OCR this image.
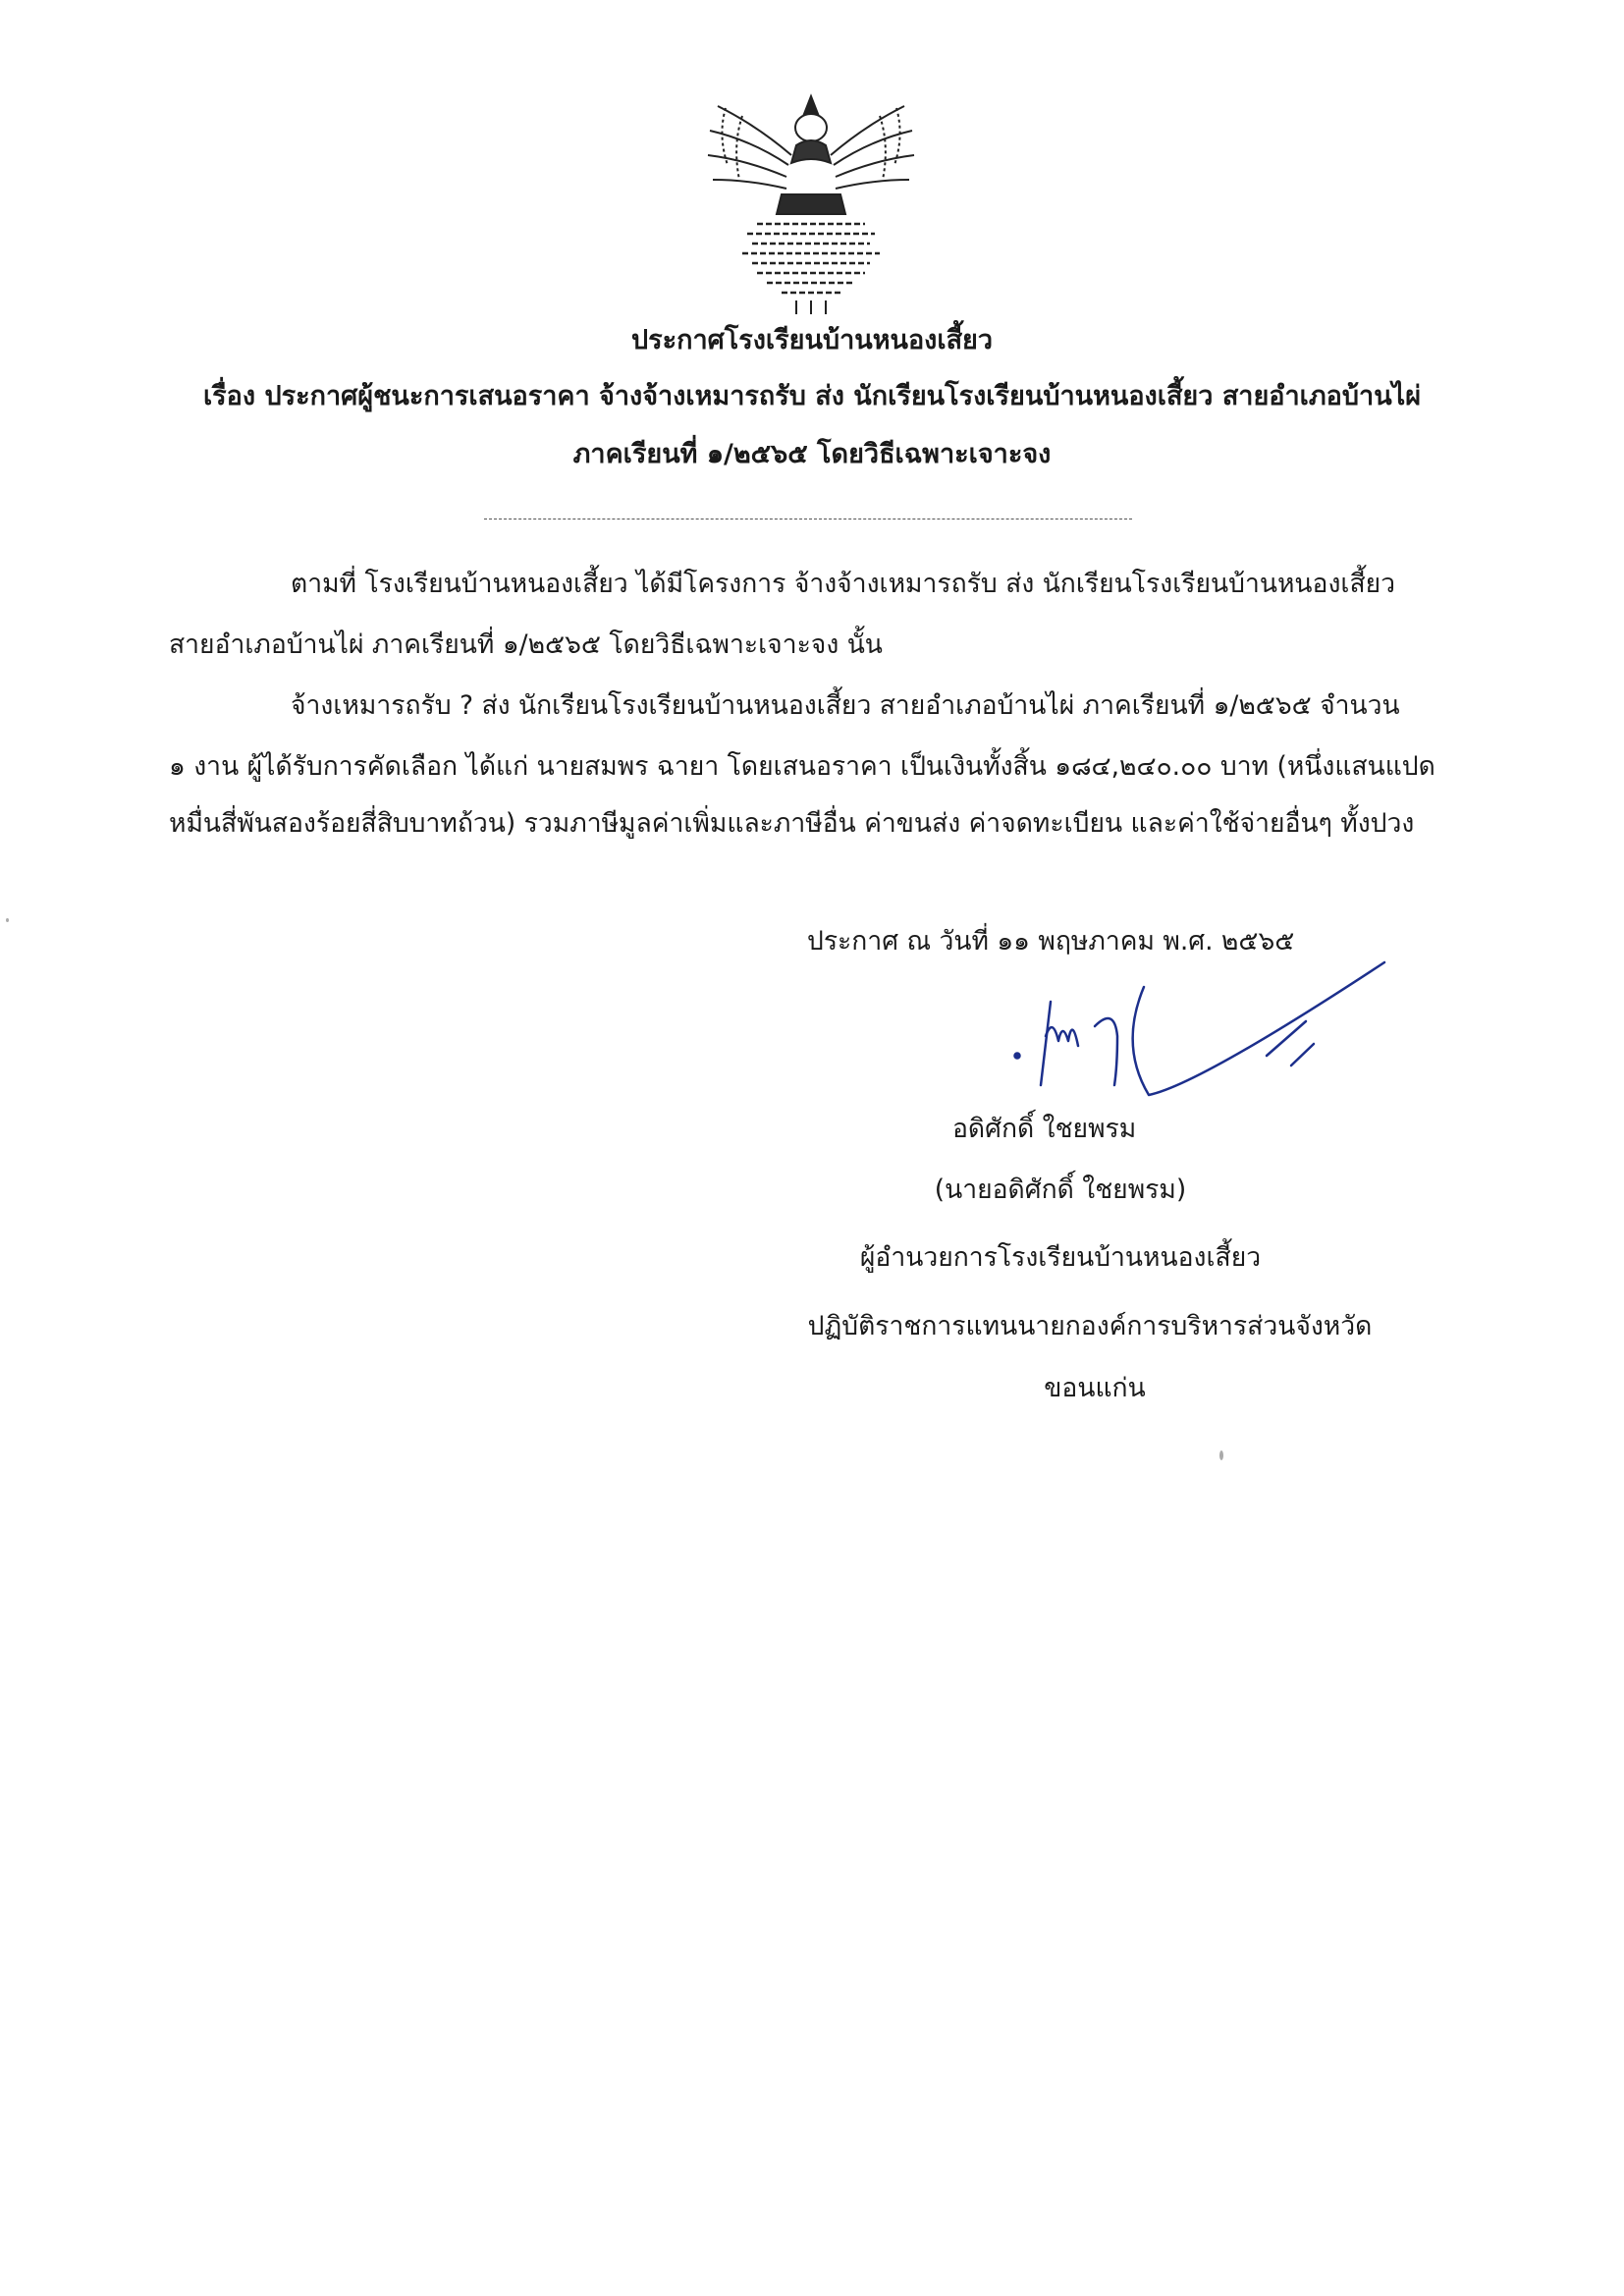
ประกาศโรงเรียนบ้านหนองเสี้ยว
เรื่อง ประกาศผู้ชนะการเสนอราคา จ้างจ้างเหมารถรับ ส่ง นักเรียนโรงเรียนบ้านหนองเสี้ยว สายอำเภอบ้านไผ่
ภาคเรียนที่ ๑/๒๕๖๕ โดยวิธีเฉพาะเจาะจง
ตามที่ โรงเรียนบ้านหนองเสี้ยว ได้มีโครงการ จ้างจ้างเหมารถรับ ส่ง นักเรียนโรงเรียนบ้านหนองเสี้ยว
สายอำเภอบ้านไผ่ ภาคเรียนที่ ๑/๒๕๖๕ โดยวิธีเฉพาะเจาะจง นั้น
จ้างเหมารถรับ ? ส่ง นักเรียนโรงเรียนบ้านหนองเสี้ยว สายอำเภอบ้านไผ่ ภาคเรียนที่ ๑/๒๕๖๕ จำนวน
๑ งาน ผู้ได้รับการคัดเลือก ได้แก่ นายสมพร ฉายา โดยเสนอราคา เป็นเงินทั้งสิ้น ๑๘๔,๒๔๐.๐๐ บาท (หนึ่งแสนแปด
หมื่นสี่พันสองร้อยสี่สิบบาทถ้วน) รวมภาษีมูลค่าเพิ่มและภาษีอื่น ค่าขนส่ง ค่าจดทะเบียน และค่าใช้จ่ายอื่นๆ ทั้งปวง
ประกาศ ณ วันที่ ๑๑ พฤษภาคม พ.ศ. ๒๕๖๕
อดิศักดิ์ ใชยพรม
(นายอดิศักดิ์ ใชยพรม)
ผู้อำนวยการโรงเรียนบ้านหนองเสี้ยว
ปฏิบัติราชการแทนนายกองค์การบริหารส่วนจังหวัด
ขอนแก่น
